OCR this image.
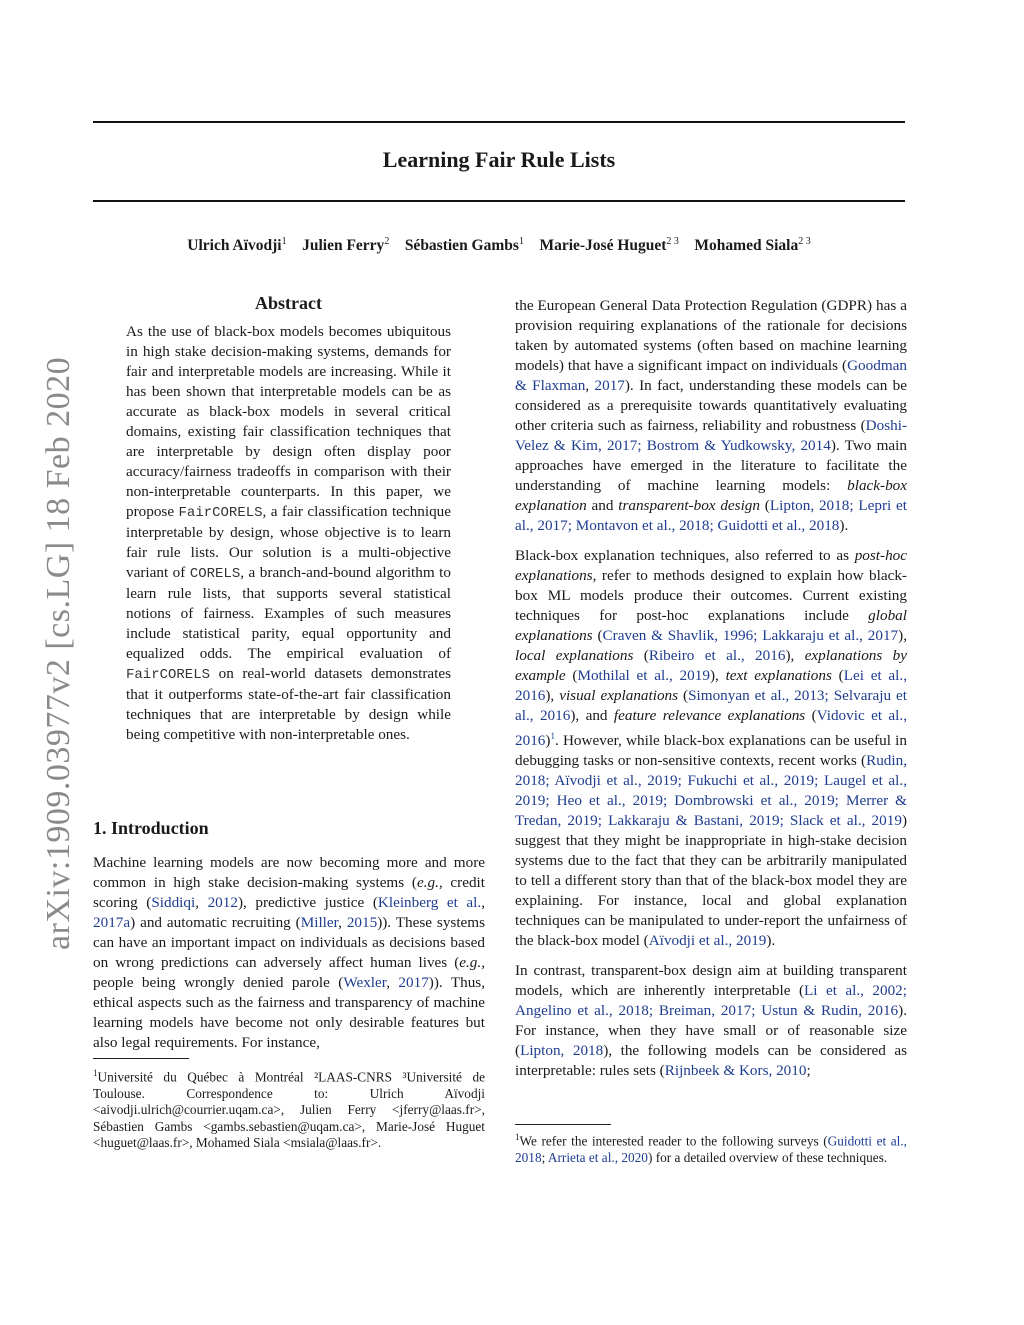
Learning Fair Rule Lists
Ulrich Aïvodji$^1$ Julien Ferry$^2$ Sébastien Gambs$^1$ Marie-José Huguet$^{2 3}$ Mohamed Siala$^{2 3}$
arXiv:1909.03977v2 [cs.LG] 18 Feb 2020
Abstract

As the use of black-box models becomes ubiquitous in high stake decision-making systems, demands for fair and interpretable models are increasing. While it has been shown that interpretable models can be as accurate as black-box models in several critical domains, existing fair classification techniques that are interpretable by design often display poor accuracy/fairness tradeoffs in comparison with their non-interpretable counterparts. In this paper, we propose FairCORELS, a fair classification technique interpretable by design, whose objective is to learn fair rule lists. Our solution is a multi-objective variant of CORELS, a branch-and-bound algorithm to learn rule lists, that supports several statistical notions of fairness. Examples of such measures include statistical parity, equal opportunity and equalized odds. The empirical evaluation of FairCORELS on real-world datasets demonstrates that it outperforms state-of-the-art fair classification techniques that are interpretable by design while being competitive with non-interpretable ones.

1. Introduction

Machine learning models are now becoming more and more common in high stake decision-making systems (e.g., credit scoring (Siddiqi, 2012), predictive justice (Kleinberg et al., 2017a) and automatic recruiting (Miller, 2015)). These systems can have an important impact on individuals as decisions based on wrong predictions can adversely affect human lives (e.g., people being wrongly denied parole (Wexler, 2017)). Thus, ethical aspects such as the fairness and transparency of machine learning models have become not only desirable features but also legal requirements. For instance,

$^1$Université du Québec à Montréal ²LAAS-CNRS ³Université de Toulouse. Correspondence to: Ulrich Aïvodji <aivodji.ulrich@courrier.uqam.ca>, Julien Ferry <jferry@laas.fr>, Sébastien Gambs <gambs.sebastien@uqam.ca>, Marie-José Huguet <huguet@laas.fr>, Mohamed Siala <msiala@laas.fr>.

the European General Data Protection Regulation (GDPR) has a provision requiring explanations of the rationale for decisions taken by automated systems (often based on machine learning models) that have a significant impact on individuals (Goodman & Flaxman, 2017). In fact, understanding these models can be considered as a prerequisite towards quantitatively evaluating other criteria such as fairness, reliability and robustness (Doshi-Velez & Kim, 2017; Bostrom & Yudkowsky, 2014). Two main approaches have emerged in the literature to facilitate the understanding of machine learning models: black-box explanation and transparent-box design (Lipton, 2018; Lepri et al., 2017; Montavon et al., 2018; Guidotti et al., 2018).

Black-box explanation techniques, also referred to as post-hoc explanations, refer to methods designed to explain how black-box ML models produce their outcomes. Current existing techniques for post-hoc explanations include global explanations (Craven & Shavlik, 1996; Lakkaraju et al., 2017), local explanations (Ribeiro et al., 2016), explanations by example (Mothilal et al., 2019), text explanations (Lei et al., 2016), visual explanations (Simonyan et al., 2013; Selvaraju et al., 2016), and feature relevance explanations (Vidovic et al., 2016)$^1$. However, while black-box explanations can be useful in debugging tasks or non-sensitive contexts, recent works (Rudin, 2018; Aïvodji et al., 2019; Fukuchi et al., 2019; Laugel et al., 2019; Heo et al., 2019; Dombrowski et al., 2019; Merrer & Tredan, 2019; Lakkaraju & Bastani, 2019; Slack et al., 2019) suggest that they might be inappropriate in high-stake decision systems due to the fact that they can be arbitrarily manipulated to tell a different story than that of the black-box model they are explaining. For instance, local and global explanation techniques can be manipulated to under-report the unfairness of the black-box model (Aïvodji et al., 2019).

In contrast, transparent-box design aim at building transparent models, which are inherently interpretable (Li et al., 2002; Angelino et al., 2018; Breiman, 2017; Ustun & Rudin, 2016). For instance, when they have small or of reasonable size (Lipton, 2018), the following models can be considered as interpretable: rules sets (Rijnbeek & Kors, 2010;

$^1$We refer the interested reader to the following surveys (Guidotti et al., 2018; Arrieta et al., 2020) for a detailed overview of these techniques.
